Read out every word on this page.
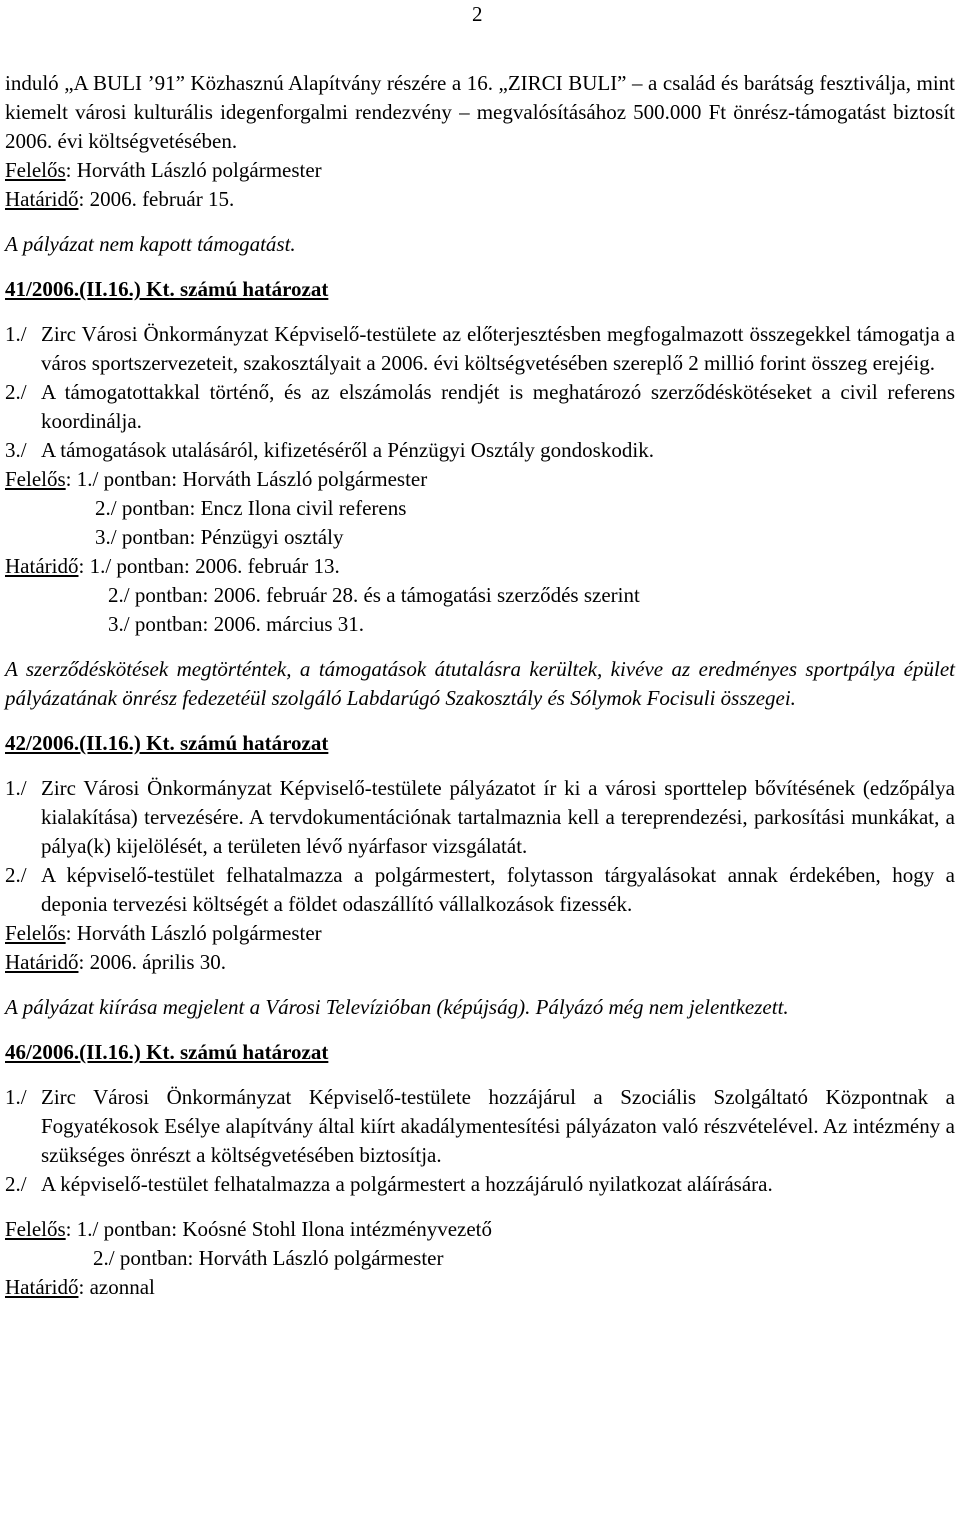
2

induló „A BULI ’91” Közhasznú Alapítvány részére a 16. „ZIRCI BULI” – a család és barátság fesztiválja, mint kiemelt városi kulturális idegenforgalmi rendezvény – megvalósításához 500.000 Ft önrész-támogatást biztosít 2006. évi költségvetésében.

Felelős: Horváth László polgármester

Határidő: 2006. február 15.

A pályázat nem kapott támogatást.

41/2006.(II.16.) Kt. számú határozat

1./ Zirc Városi Önkormányzat Képviselő-testülete az előterjesztésben megfogalmazott összegekkel támogatja a város sportszervezeteit, szakosztályait a 2006. évi költségvetésében szereplő 2 millió forint összeg erejéig.
2./ A támogatottakkal történő, és az elszámolás rendjét is meghatározó szerződéskötéseket a civil referens koordinálja.
3./ A támogatások utalásáról, kifizetéséről a Pénzügyi Osztály gondoskodik.

Felelős: 1./ pontban: Horváth László polgármester

2./ pontban: Encz Ilona civil referens

3./ pontban: Pénzügyi osztály

Határidő: 1./ pontban: 2006. február 13.

2./ pontban: 2006. február 28. és a támogatási szerződés szerint

3./ pontban: 2006. március 31.

A szerződéskötések megtörténtek, a támogatások átutalásra kerültek, kivéve az eredményes sportpálya épület pályázatának önrész fedezetéül szolgáló Labdarúgó Szakosztály és Sólymok Focisuli összegei.

42/2006.(II.16.) Kt. számú határozat

1./ Zirc Városi Önkormányzat Képviselő-testülete pályázatot ír ki a városi sporttelep bővítésének (edzőpálya kialakítása) tervezésére. A tervdokumentációnak tartalmaznia kell a tereprendezési, parkosítási munkákat, a pálya(k) kijelölését, a területen lévő nyárfasor vizsgálatát.
2./ A képviselő-testület felhatalmazza a polgármestert, folytasson tárgyalásokat annak érdekében, hogy a deponia tervezési költségét a földet odaszállító vállalkozások fizessék.

Felelős: Horváth László polgármester

Határidő: 2006. április 30.

A pályázat kiírása megjelent a Városi Televízióban (képújság). Pályázó még nem jelentkezett.

46/2006.(II.16.) Kt. számú határozat

1./ Zirc Városi Önkormányzat Képviselő-testülete hozzájárul a Szociális Szolgáltató Központnak a Fogyatékosok Esélye alapítvány által kiírt akadálymentesítési pályázaton való részvételével. Az intézmény a szükséges önrészt a költségvetésében biztosítja.
2./ A képviselő-testület felhatalmazza a polgármestert a hozzájáruló nyilatkozat aláírására.

Felelős: 1./ pontban: Koósné Stohl Ilona intézményvezető

2./ pontban: Horváth László polgármester

Határidő: azonnal
